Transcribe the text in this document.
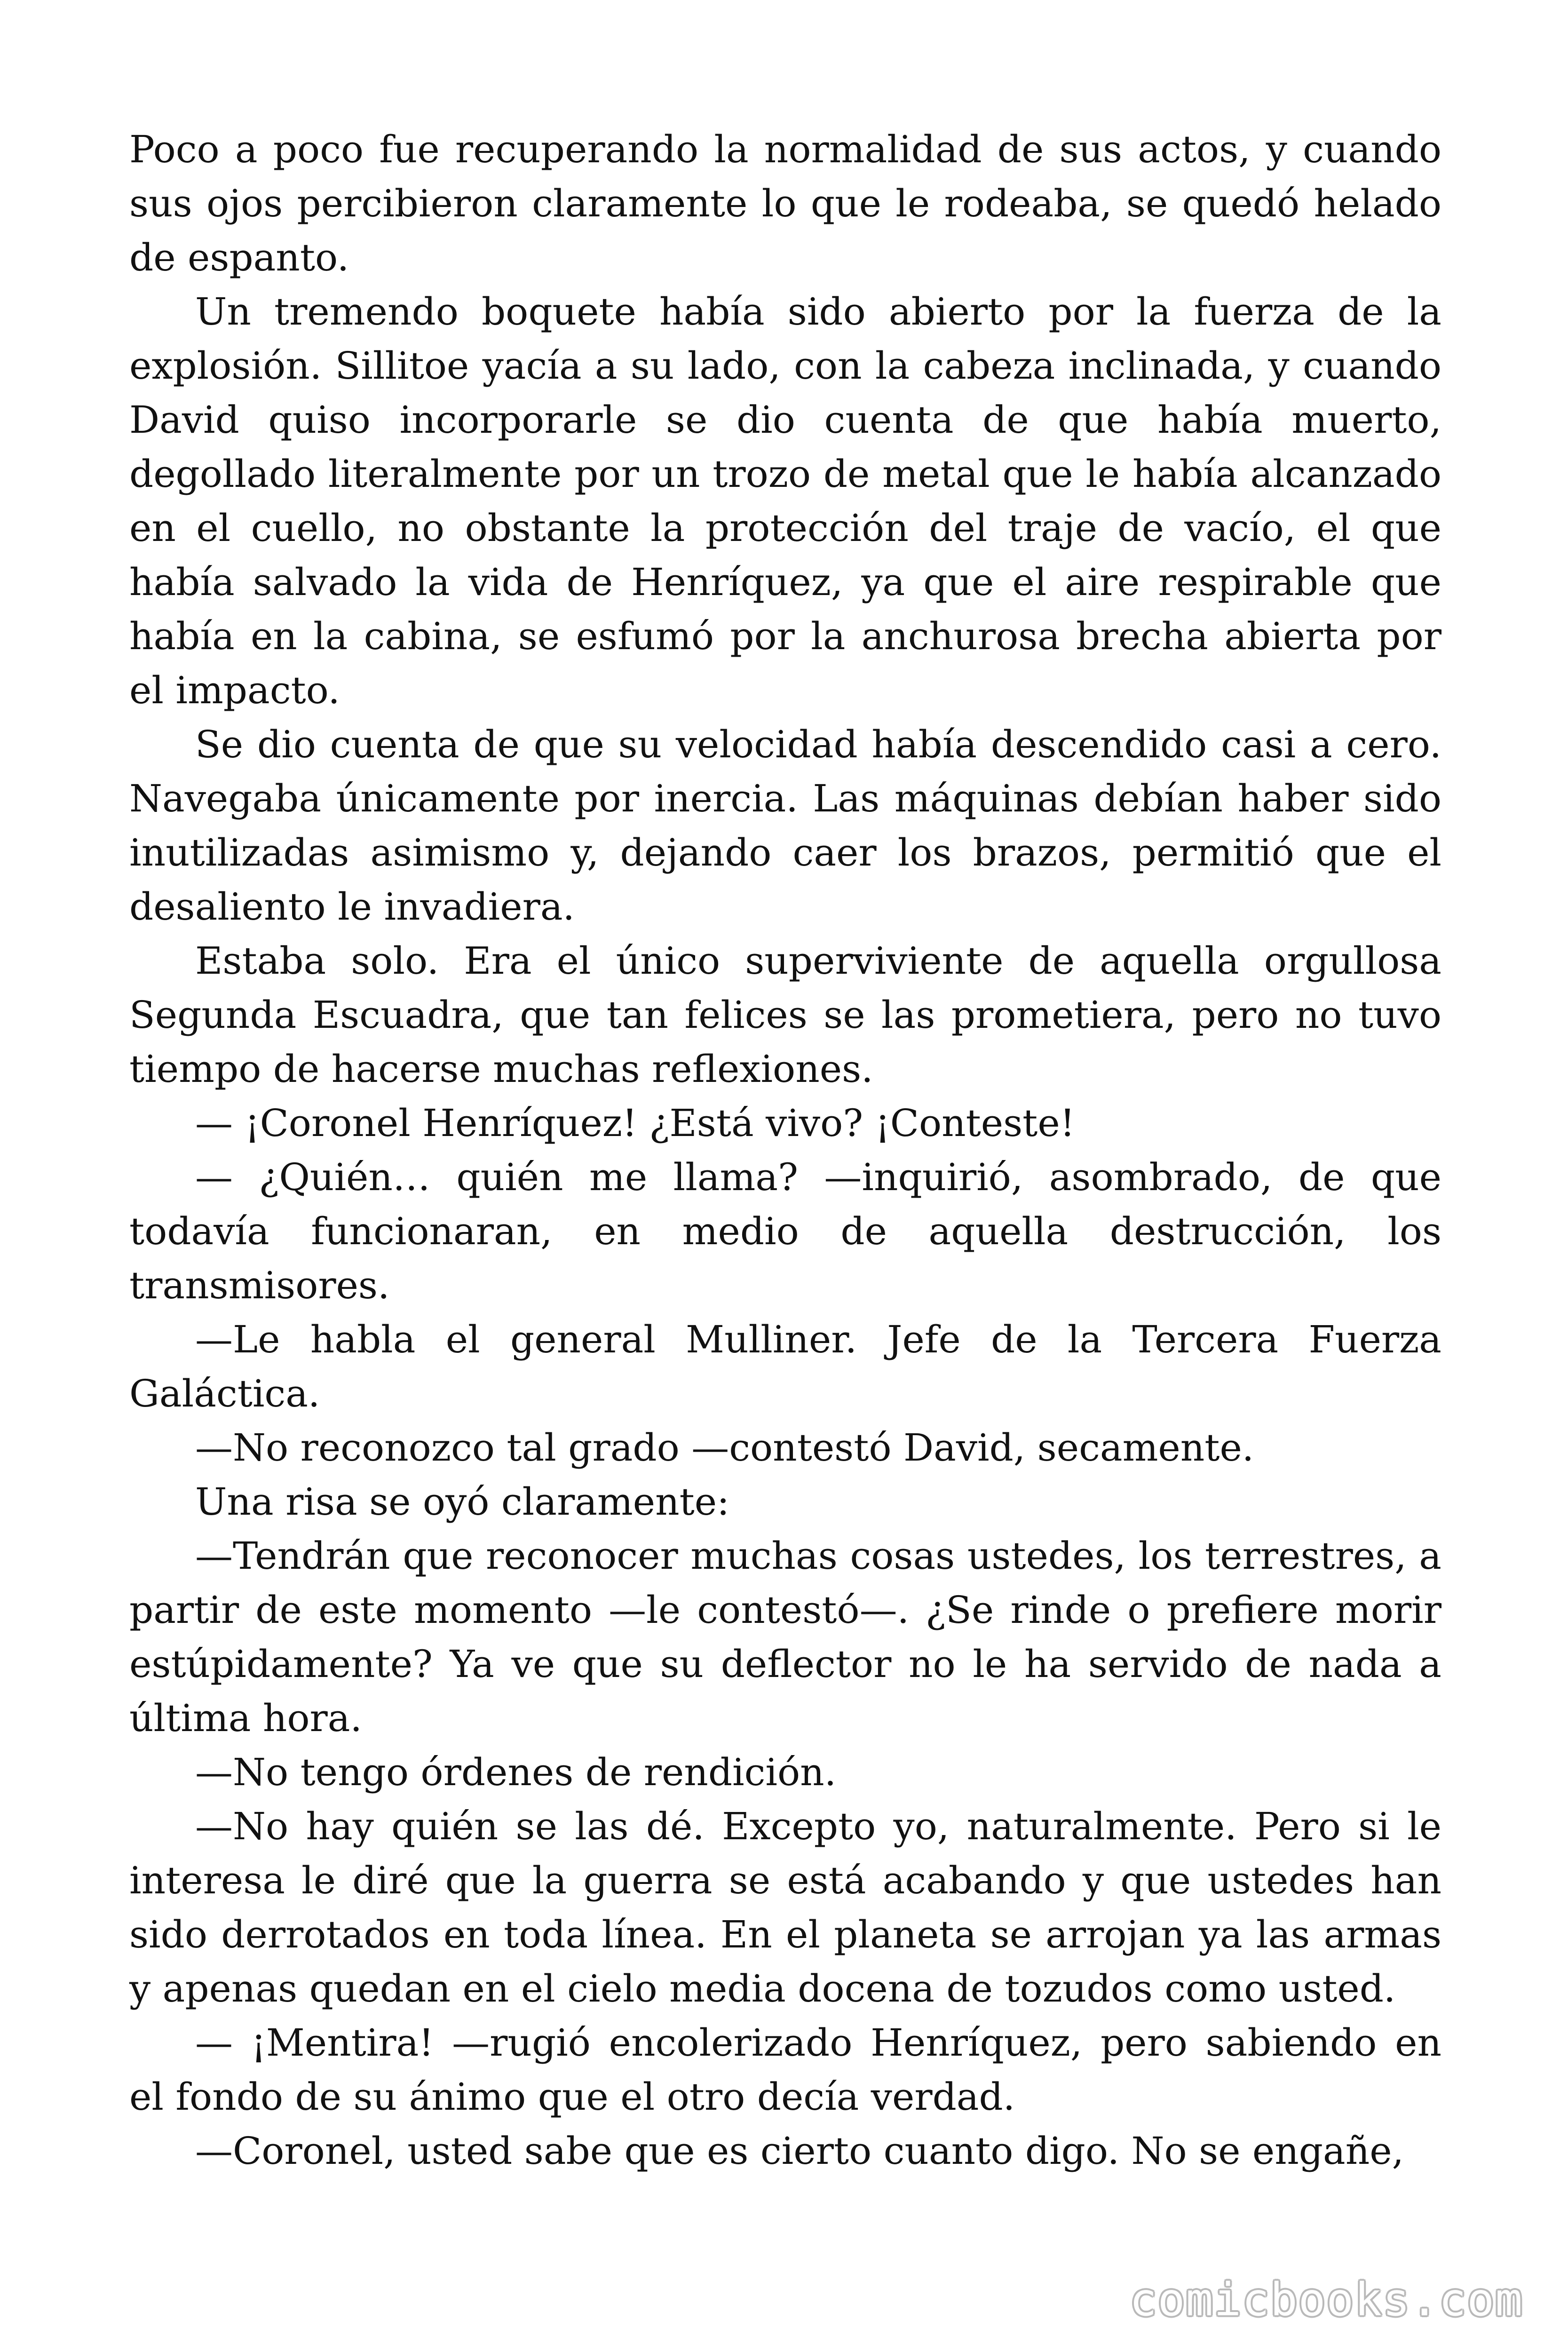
Poco a poco fue recuperando la normalidad de sus actos, y cuando sus ojos percibieron claramente lo que le rodeaba, se quedó helado de espanto.

Un tremendo boquete había sido abierto por la fuerza de la explosión. Sillitoe yacía a su lado, con la cabeza inclinada, y cuando David quiso incorporarle se dio cuenta de que había muerto, degollado literalmente por un trozo de metal que le había alcanzado en el cuello, no obstante la protección del traje de vacío, el que había salvado la vida de Henríquez, ya que el aire respirable que había en la cabina, se esfumó por la anchurosa brecha abierta por el impacto.

Se dio cuenta de que su velocidad había descendido casi a cero. Navegaba únicamente por inercia. Las máquinas debían haber sido inutilizadas asimismo y, dejando caer los brazos, permitió que el desaliento le invadiera.

Estaba solo. Era el único superviviente de aquella orgullosa Segunda Escuadra, que tan felices se las prometiera, pero no tuvo tiempo de hacerse muchas reflexiones.

— ¡Coronel Henríquez! ¿Está vivo? ¡Conteste!

— ¿Quién… quién me llama? —inquirió, asombrado, de que todavía funcionaran, en medio de aquella destrucción, los transmisores.

—Le habla el general Mulliner. Jefe de la Tercera Fuerza Galáctica.

—No reconozco tal grado —contestó David, secamente.

Una risa se oyó claramente:

—Tendrán que reconocer muchas cosas ustedes, los terrestres, a partir de este momento —le contestó—. ¿Se rinde o prefiere morir estúpidamente? Ya ve que su deflector no le ha servido de nada a última hora.

—No tengo órdenes de rendición.

—No hay quién se las dé. Excepto yo, naturalmente. Pero si le interesa le diré que la guerra se está acabando y que ustedes han sido derrotados en toda línea. En el planeta se arrojan ya las armas y apenas quedan en el cielo media docena de tozudos como usted.

— ¡Mentira! —rugió encolerizado Henríquez, pero sabiendo en el fondo de su ánimo que el otro decía verdad.

—Coronel, usted sabe que es cierto cuanto digo. No se engañe,

comicbooks.com
